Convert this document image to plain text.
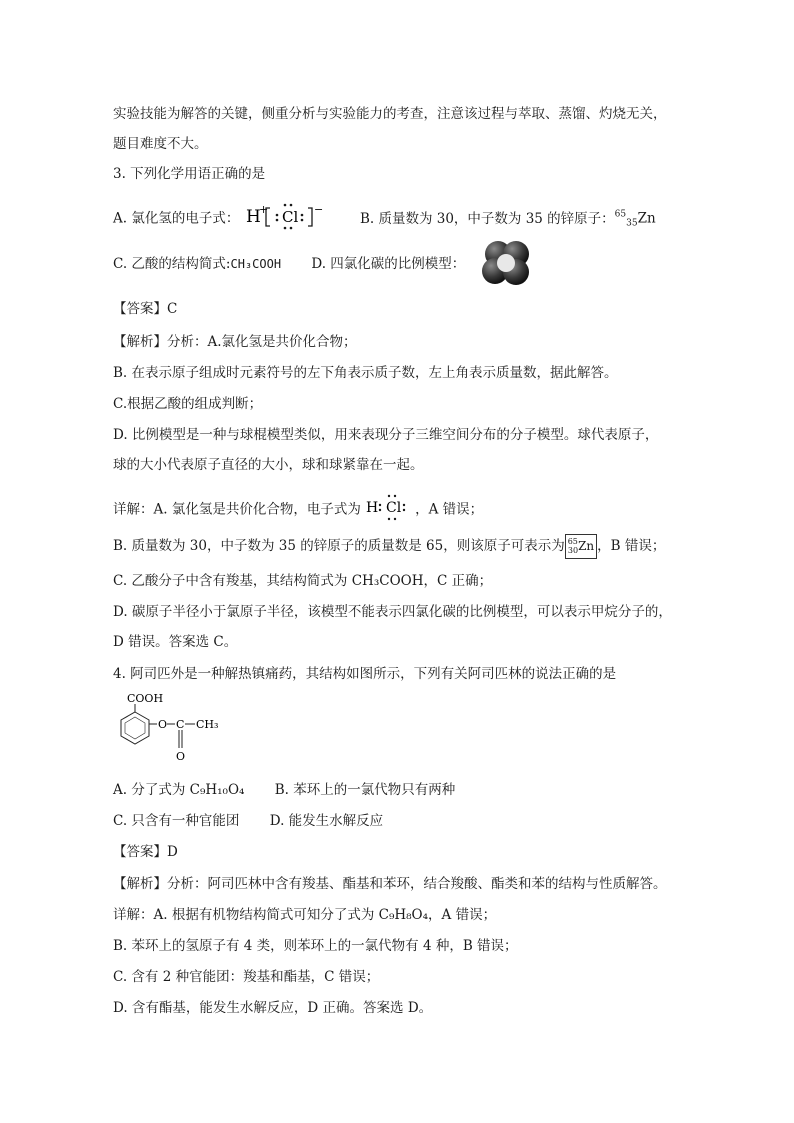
实验技能为解答的关键，侧重分析与实验能力的考查，注意该过程与萃取、蒸馏、灼烧无关，
题目难度不大。
3. 下列化学用语正确的是
A. 氯化氢的电子式： H
+ Cl −
B. 质量数为 30，中子数为 35 的锌原子：$^{65}_{35}$Zn
C. 乙酸的结构简式:CH₃COOH D. 四氯化碳的比例模型：
【答案】C
【解析】分析：A.氯化氢是共价化合物；
B. 在表示原子组成时元素符号的左下角表示质子数，左上角表示质量数，据此解答。
C.根据乙酸的组成判断；
D. 比例模型是一种与球棍模型类似，用来表现分子三维空间分布的分子模型。球代表原子，
球的大小代表原子直径的大小，球和球紧靠在一起。
详解：A. 氯化氢是共价化合物，电子式为 H Cl ，A 错误；
B. 质量数为 30，中子数为 35 的锌原子的质量数是 65，则该原子可表示为 $^{65}_{30}$Zn ，B 错误；
C. 乙酸分子中含有羧基，其结构简式为 CH₃COOH，C 正确；
D. 碳原子半径小于氯原子半径，该模型不能表示四氯化碳的比例模型，可以表示甲烷分子的，
D 错误。答案选 C。
4. 阿司匹外是一种解热镇痛药，其结构如图所示，下列有关阿司匹林的说法正确的是
COOH
O C CH₃
O
A. 分了式为 C₉H₁₀O₄ B. 苯环上的一氯代物只有两种
C. 只含有一种官能团 D. 能发生水解反应
【答案】D
【解析】分析：阿司匹林中含有羧基、酯基和苯环，结合羧酸、酯类和苯的结构与性质解答。
详解：A. 根据有机物结构简式可知分了式为 C₉H₈O₄，A 错误；
B. 苯环上的氢原子有 4 类，则苯环上的一氯代物有 4 种，B 错误；
C. 含有 2 种官能团：羧基和酯基，C 错误；
D. 含有酯基，能发生水解反应，D 正确。答案选 D。
